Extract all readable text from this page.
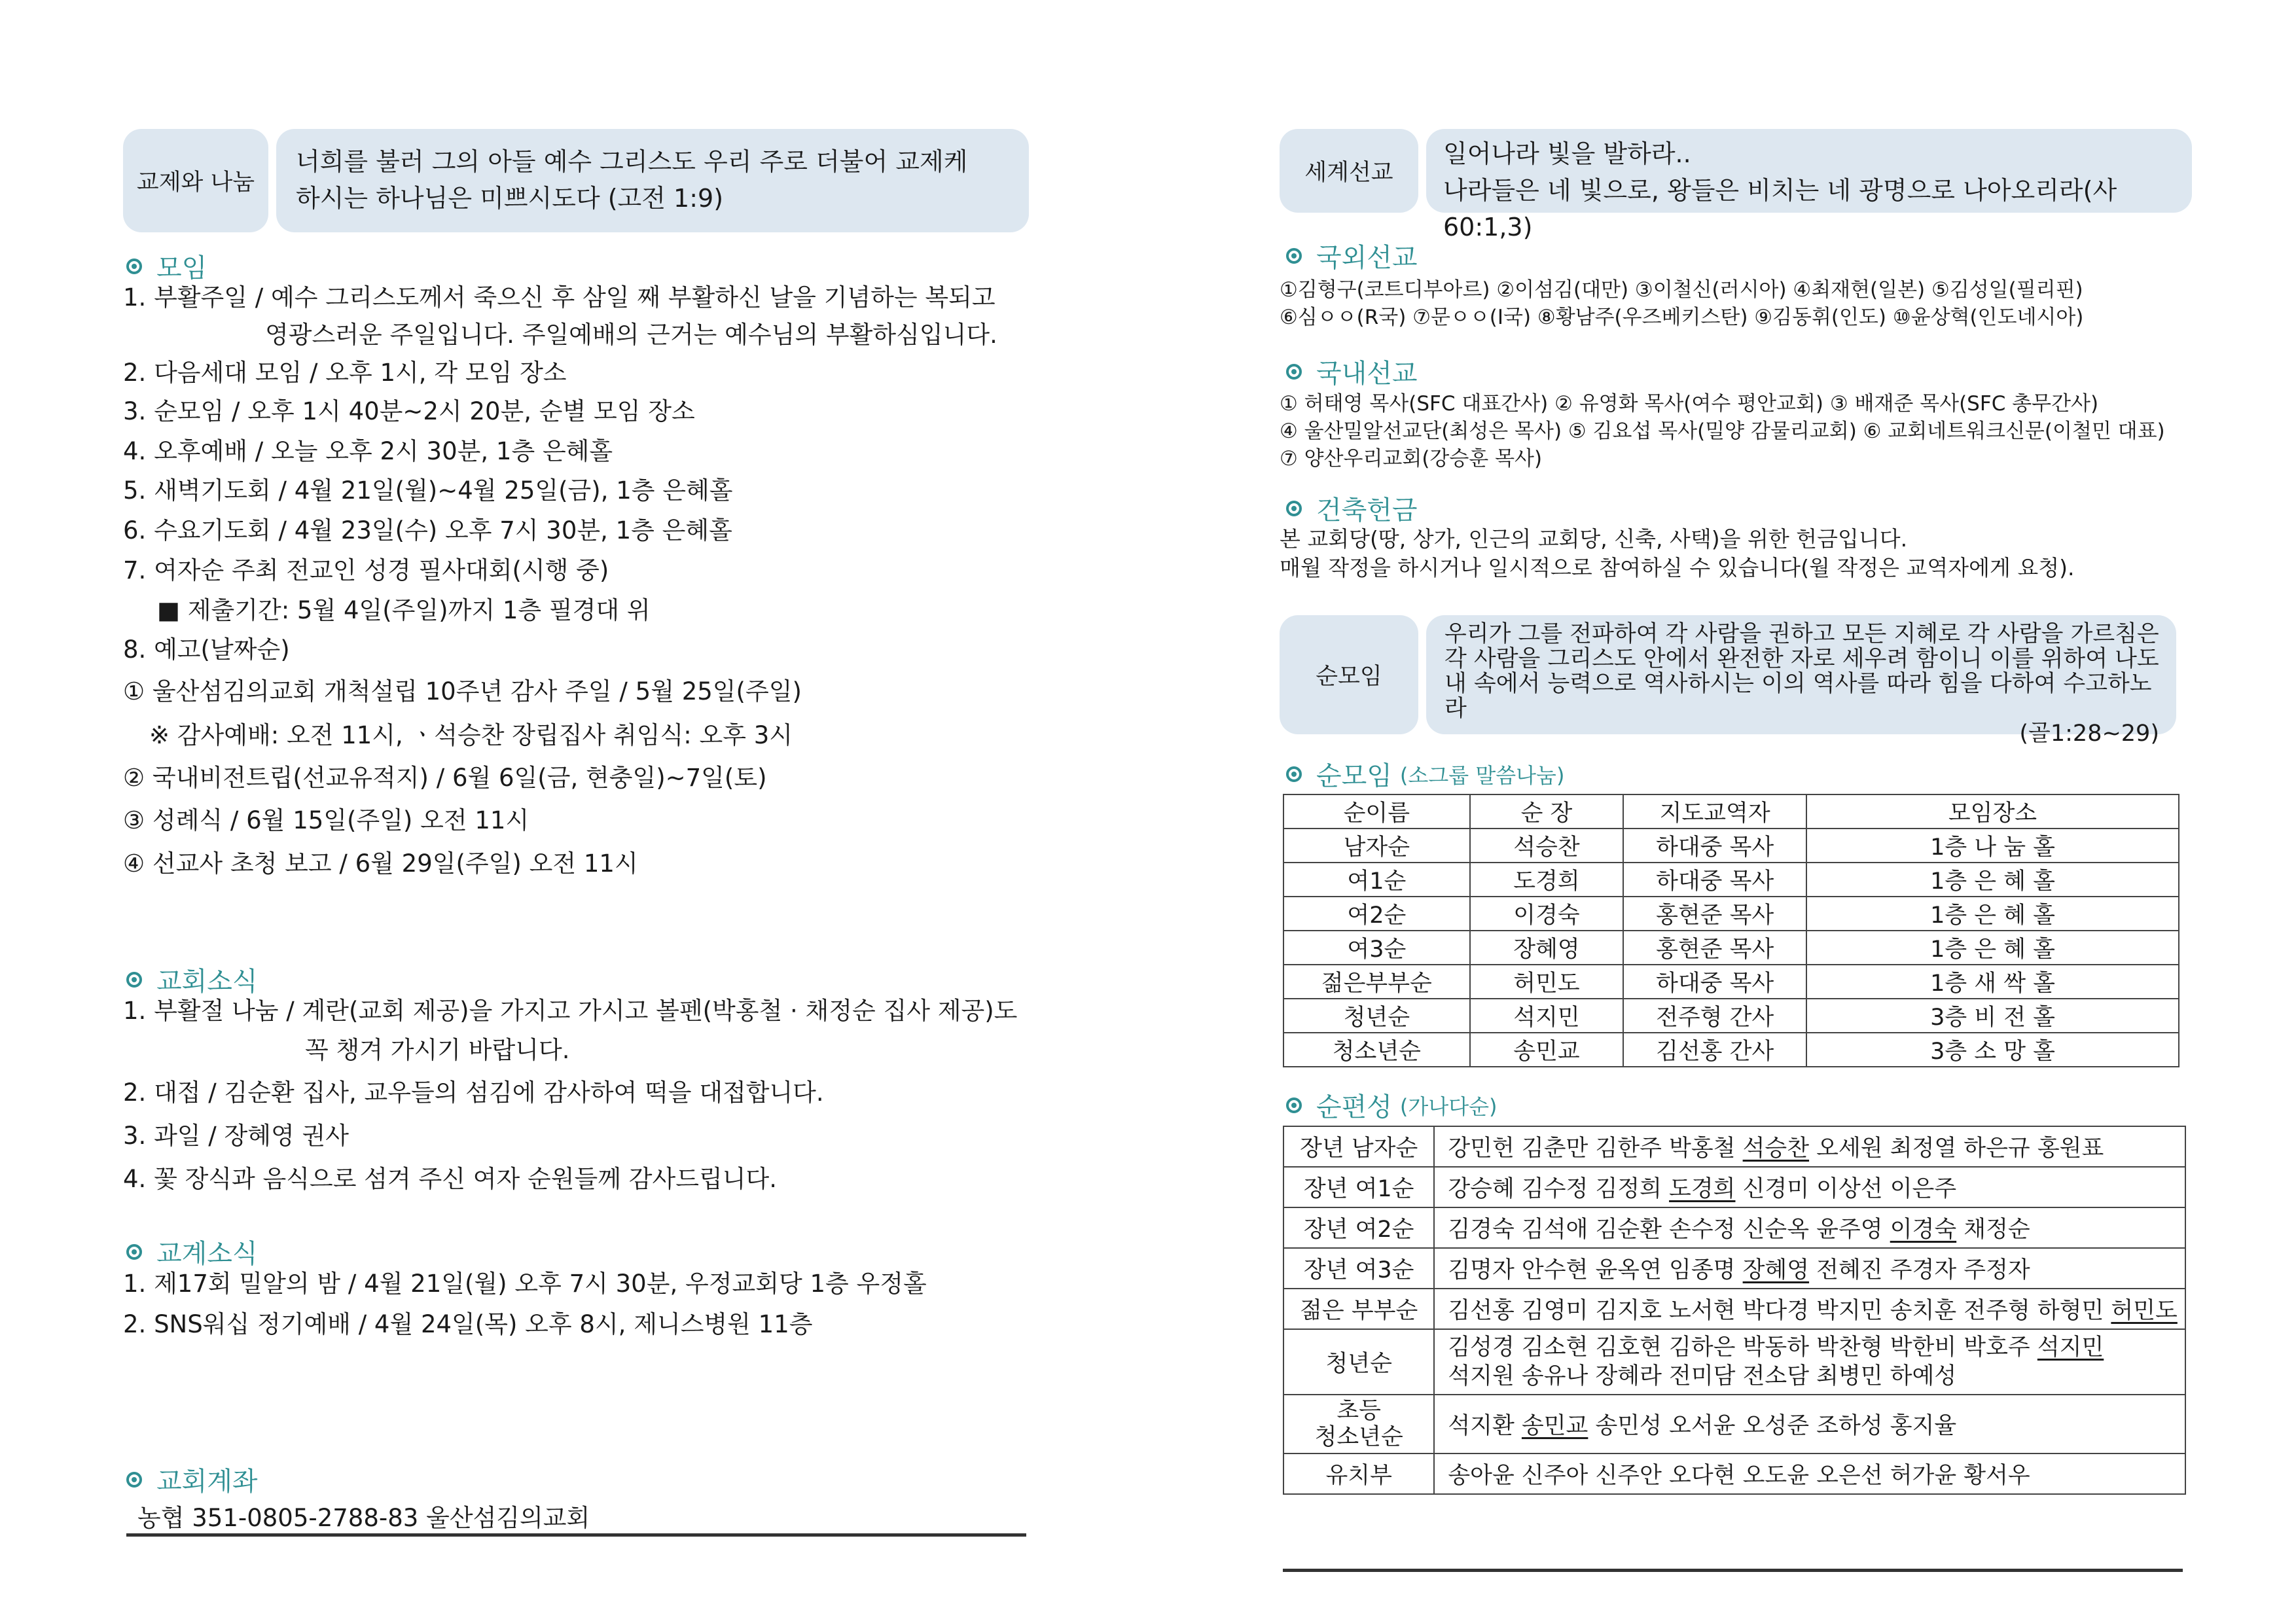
교제와 나눔
너희를 불러 그의 아들 예수 그리스도 우리 주로 더불어 교제케
하시는 하나님은 미쁘시도다 (고전 1:9)
모임
1. 부활주일 / 예수 그리스도께서 죽으신 후 삼일 째 부활하신 날을 기념하는 복되고
영광스러운 주일입니다. 주일예배의 근거는 예수님의 부활하심입니다.
2. 다음세대 모임 / 오후 1시, 각 모임 장소
3. 순모임 / 오후 1시 40분~2시 20분, 순별 모임 장소
4. 오후예배 / 오늘 오후 2시 30분, 1층 은혜홀
5. 새벽기도회 / 4월 21일(월)~4월 25일(금), 1층 은혜홀
6. 수요기도회 / 4월 23일(수) 오후 7시 30분, 1층 은혜홀
7. 여자순 주최 전교인 성경 필사대회(시행 중)
■ 제출기간: 5월 4일(주일)까지 1층 필경대 위
8. 예고(날짜순)
① 울산섬김의교회 개척설립 10주년 감사 주일 / 5월 25일(주일)
※ 감사예배: 오전 11시, ㆍ석승찬 장립집사 취임식: 오후 3시
② 국내비전트립(선교유적지) / 6월 6일(금, 현충일)~7일(토)
③ 성례식 / 6월 15일(주일) 오전 11시
④ 선교사 초청 보고 / 6월 29일(주일) 오전 11시
교회소식
1. 부활절 나눔 / 계란(교회 제공)을 가지고 가시고 볼펜(박홍철 · 채정순 집사 제공)도
꼭 챙겨 가시기 바랍니다.
2. 대접 / 김순환 집사, 교우들의 섬김에 감사하여 떡을 대접합니다.
3. 과일 / 장혜영 권사
4. 꽃 장식과 음식으로 섬겨 주신 여자 순원들께 감사드립니다.
교계소식
1. 제17회 밀알의 밤 / 4월 21일(월) 오후 7시 30분, 우정교회당 1층 우정홀
2. SNS워십 정기예배 / 4월 24일(목) 오후 8시, 제니스병원 11층
교회계좌
농협 351-0805-2788-83 울산섬김의교회
세계선교
일어나라 빛을 발하라..
나라들은 네 빛으로, 왕들은 비치는 네 광명으로 나아오리라(사60:1,3)
국외선교
①김형구(코트디부아르) ②이섬김(대만) ③이철신(러시아) ④최재현(일본) ⑤김성일(필리핀)
⑥심ㅇㅇ(R국) ⑦문ㅇㅇ(I국) ⑧황남주(우즈베키스탄) ⑨김동휘(인도) ⑩윤상혁(인도네시아)
국내선교
① 허태영 목사(SFC 대표간사) ② 유영화 목사(여수 평안교회) ③ 배재준 목사(SFC 총무간사)
④ 울산밀알선교단(최성은 목사) ⑤ 김요섭 목사(밀양 감물리교회) ⑥ 교회네트워크신문(이철민 대표)
⑦ 양산우리교회(강승훈 목사)
건축헌금
본 교회당(땅, 상가, 인근의 교회당, 신축, 사택)을 위한 헌금입니다.
매월 작정을 하시거나 일시적으로 참여하실 수 있습니다(월 작정은 교역자에게 요청).
순모임
우리가 그를 전파하여 각 사람을 권하고 모든 지혜로 각 사람을 가르침은
각 사람을 그리스도 안에서 완전한 자로 세우려 함이니 이를 위하여 나도
내 속에서 능력으로 역사하시는 이의 역사를 따라 힘을 다하여 수고하노라
(골1:28~29)
순모임 (소그룹 말씀나눔)
순이름	순 장	지도교역자	모임장소
남자순	석승찬	하대중 목사	1층 나 눔 홀
여1순	도경희	하대중 목사	1층 은 혜 홀
여2순	이경숙	홍현준 목사	1층 은 혜 홀
여3순	장혜영	홍현준 목사	1층 은 혜 홀
젊은부부순	허민도	하대중 목사	1층 새 싹 홀
청년순	석지민	전주형 간사	3층 비 전 홀
청소년순	송민교	김선홍 간사	3층 소 망 홀
순편성 (가나다순)
장년 남자순	강민헌 김춘만 김한주 박홍철 석승찬 오세원 최정열 하은규 홍원표
장년 여1순	강승혜 김수정 김정희 도경희 신경미 이상선 이은주
장년 여2순	김경숙 김석애 김순환 손수정 신순옥 윤주영 이경숙 채정순
장년 여3순	김명자 안수현 윤옥연 임종명 장혜영 전혜진 주경자 주정자
젊은 부부순	김선홍 김영미 김지호 노서현 박다경 박지민 송치훈 전주형 하형민 허민도
청년순	김성경 김소현 김호현 김하은 박동하 박찬형 박한비 박호주 석지민
석지원 송유나 장혜라 전미담 전소담 최병민 하예성

초등
청소년순	석지환 송민교 송민성 오서윤 오성준 조하성 홍지율
유치부	송아윤 신주아 신주안 오다현 오도윤 오은선 허가윤 황서우
